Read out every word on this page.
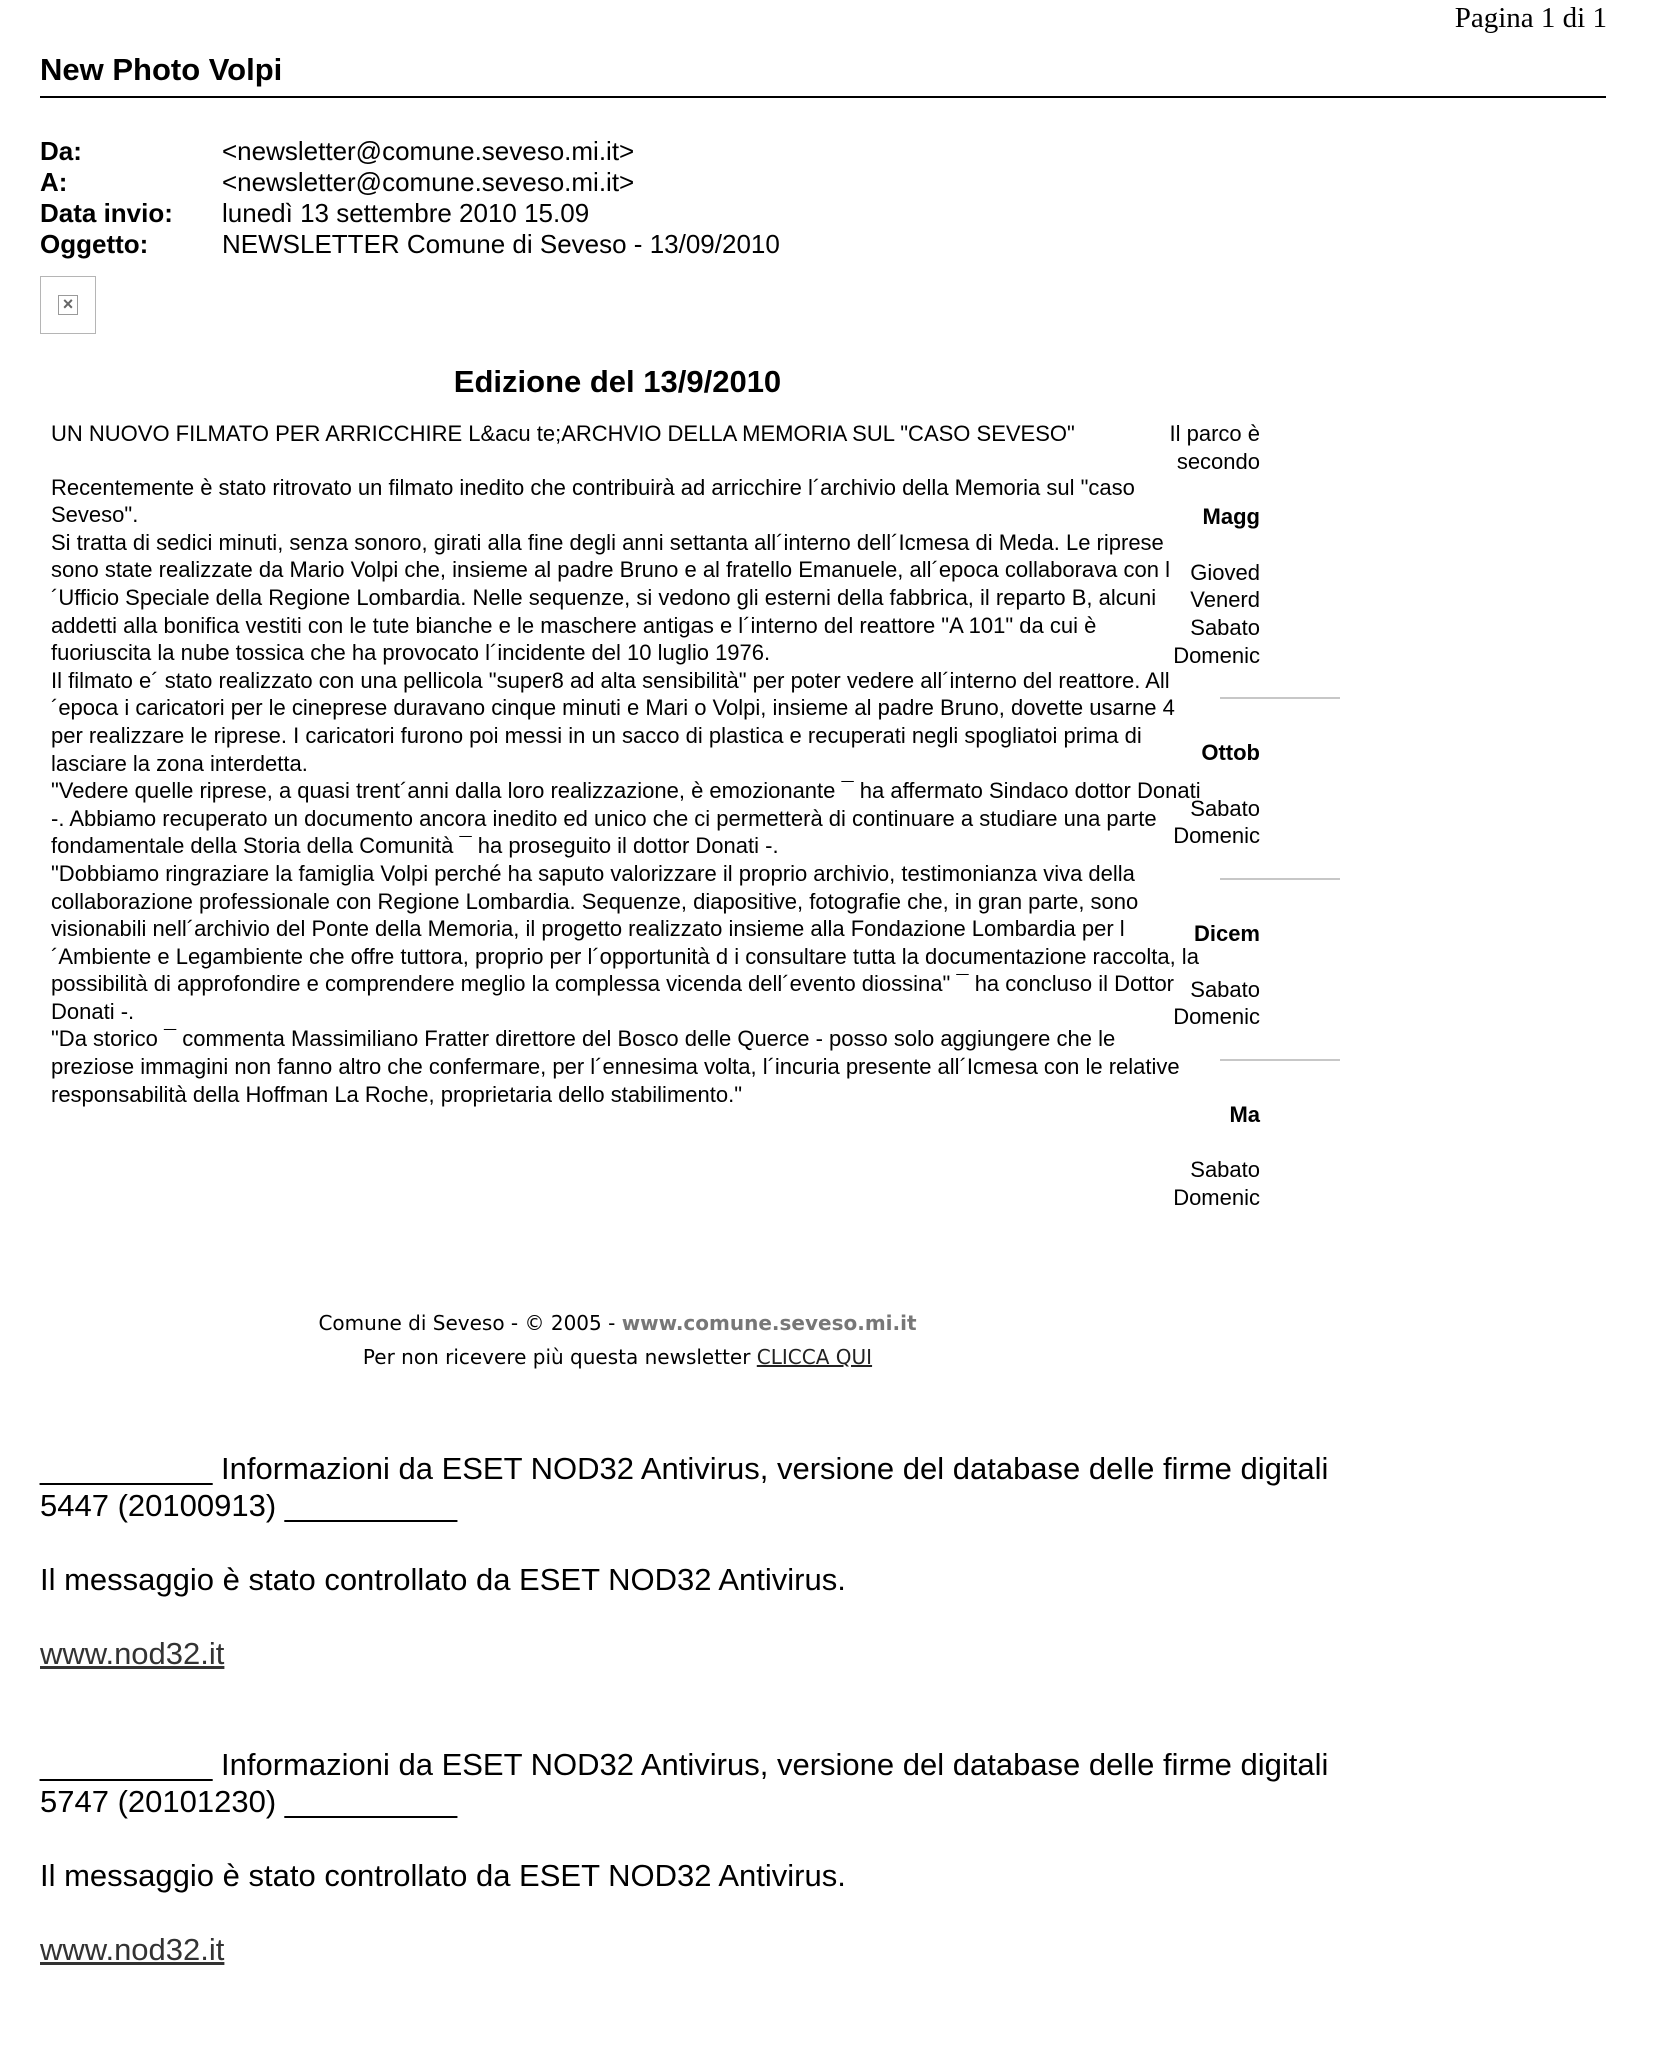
Pagina 1 di 1
New Photo Volpi
Da:	<newsletter@comune.seveso.mi.it>
A:	<newsletter@comune.seveso.mi.it>
Data invio:	lunedì 13 settembre 2010 15.09
Oggetto:	NEWSLETTER Comune di Seveso - 13/09/2010
×
Edizione del 13/9/2010

UN NUOVO FILMATO PER ARRICCHIRE L&acu te;ARCHVIO DELLA MEMORIA SUL "CASO SEVESO"

Recentemente è stato ritrovato un filmato inedito che contribuirà ad arricchire l´archivio della Memoria sul "caso Seveso".

Si tratta di sedici minuti, senza sonoro, girati alla fine degli anni settanta all´interno dell´Icmesa di Meda. Le riprese sono state realizzate da Mario Volpi che, insieme al padre Bruno e al fratello Emanuele, all´epoca collaborava con l´Ufficio Speciale della Regione Lombardia. Nelle sequenze, si vedono gli esterni della fabbrica, il reparto B, alcuni addetti alla bonifica vestiti con le tute bianche e le maschere antigas e l´interno del reattore "A 101" da cui è fuoriuscita la nube tossica che ha provocato l´incidente del 10 luglio 1976.

Il filmato e´ stato realizzato con una pellicola "super8 ad alta sensibilità" per poter vedere all´interno del reattore. All´epoca i caricatori per le cineprese duravano cinque minuti e Mari o Volpi, insieme al padre Bruno, dovette usarne 4 per realizzare le riprese. I caricatori furono poi messi in un sacco di plastica e recuperati negli spogliatoi prima di lasciare la zona interdetta.

"Vedere quelle riprese, a quasi trent´anni dalla loro realizzazione, è emozionante ¯ ha affermato Sindaco dottor Donati -. Abbiamo recuperato un documento ancora inedito ed unico che ci permetterà di continuare a studiare una parte fondamentale della Storia della Comunità ¯ ha proseguito il dottor Donati -.

"Dobbiamo ringraziare la famiglia Volpi perché ha saputo valorizzare il proprio archivio, testimonianza viva della collaborazione professionale con Regione Lombardia. Sequenze, diapositive, fotografie che, in gran parte, sono visionabili nell´archivio del Ponte della Memoria, il progetto realizzato insieme alla Fondazione Lombardia per l´Ambiente e Legambiente che offre tuttora, proprio per l´opportunità d i consultare tutta la documentazione raccolta, la possibilità di approfondire e comprendere meglio la complessa vicenda dell´evento diossina" ¯ ha concluso il Dottor Donati -.

"Da storico ¯ commenta Massimiliano Fratter direttore del Bosco delle Querce - posso solo aggiungere che le preziose immagini non fanno altro che confermare, per l´ennesima volta, l´incuria presente all´Icmesa con le relative responsabilità della Hoffman La Roche, proprietaria dello stabilimento."

Il parco è

secondo

Magg

Gioved

Venerd

Sabato

Domenic

Ottob

Sabato

Domenic

Dicem

Sabato

Domenic

Ma

Sabato

Domenic

Comune di Seveso - © 2005 - www.comune.seveso.mi.it
Per non ricevere più questa newsletter CLICCA QUI

__________ Informazioni da ESET NOD32 Antivirus, versione del database delle firme digitali 5447 (20100913) __________

Il messaggio è stato controllato da ESET NOD32 Antivirus.

www.nod32.it

__________ Informazioni da ESET NOD32 Antivirus, versione del database delle firme digitali 5747 (20101230) __________

Il messaggio è stato controllato da ESET NOD32 Antivirus.

www.nod32.it
